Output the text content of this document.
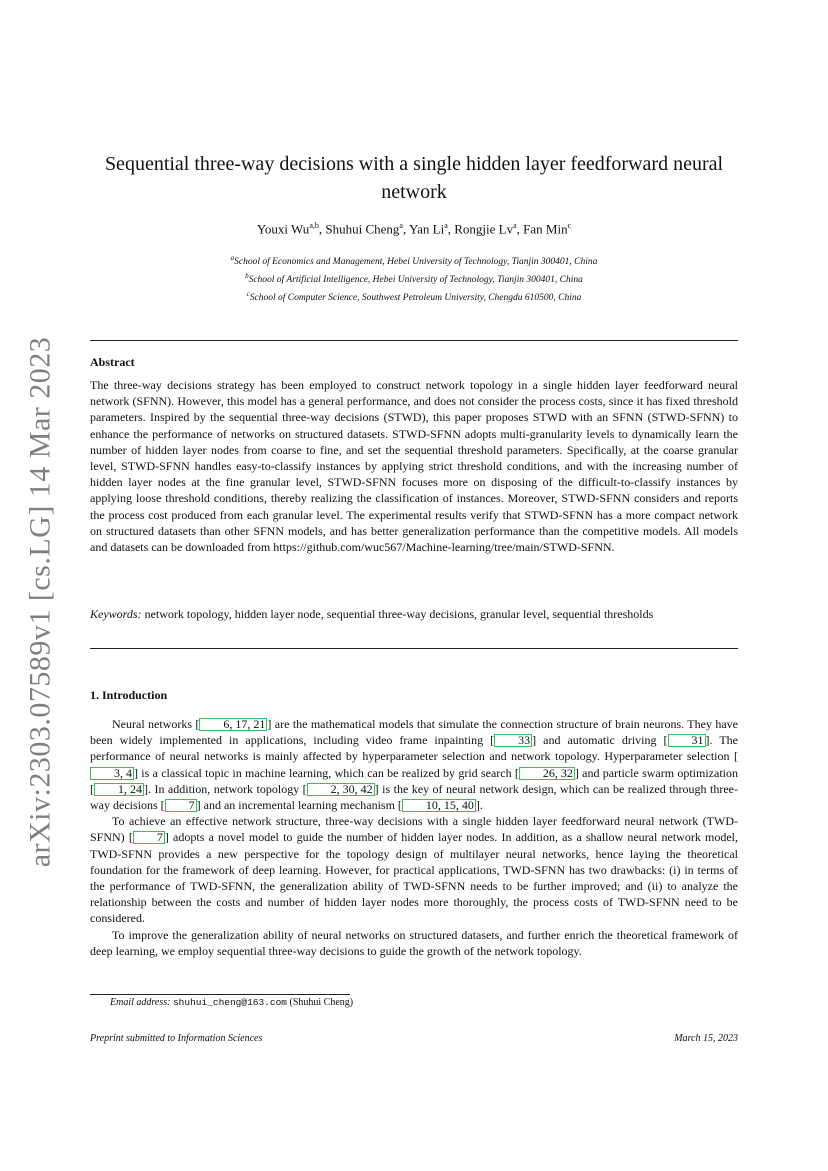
arXiv:2303.07589v1 [cs.LG] 14 Mar 2023
Sequential three-way decisions with a single hidden layer feedforward neural network
Youxi Wu$^{a,b}$, Shuhui Cheng$^a$, Yan Li$^a$, Rongjie Lv$^a$, Fan Min$^c$
$^a$School of Economics and Management, Hebei University of Technology, Tianjin 300401, China
$^b$School of Artificial Intelligence, Hebei University of Technology, Tianjin 300401, China
$^c$School of Computer Science, Southwest Petroleum University, Chengdu 610500, China
Abstract

The three-way decisions strategy has been employed to construct network topology in a single hidden layer feedforward neural network (SFNN). However, this model has a general performance, and does not consider the process costs, since it has fixed threshold parameters. Inspired by the sequential three-way decisions (STWD), this paper proposes STWD with an SFNN (STWD-SFNN) to enhance the performance of networks on structured datasets. STWD-SFNN adopts multi-granularity levels to dynamically learn the number of hidden layer nodes from coarse to fine, and set the sequential threshold parameters. Specifically, at the coarse granular level, STWD-SFNN handles easy-to-classify instances by applying strict threshold conditions, and with the increasing number of hidden layer nodes at the fine granular level, STWD-SFNN focuses more on disposing of the difficult-to-classify instances by applying loose threshold conditions, thereby realizing the classification of instances. Moreover, STWD-SFNN considers and reports the process cost produced from each granular level. The experimental results verify that STWD-SFNN has a more compact network on structured datasets than other SFNN models, and has better generalization performance than the competitive models. All models and datasets can be downloaded from https://github.com/wuc567/Machine-learning/tree/main/STWD-SFNN.

Keywords: network topology, hidden layer node, sequential three-way decisions, granular level, sequential thresholds

1. Introduction

Neural networks [ 6, 17, 21 ] are the mathematical models that simulate the connection structure of brain neurons. They have been widely implemented in applications, including video frame inpainting [ 33 ] and automatic driving [ 31 ]. The performance of neural networks is mainly affected by hyperparameter selection and network topology. Hyperparameter selection [3, 4 ] is a classical topic in machine learning, which can be realized by grid search [ 26, 32 ] and particle swarm optimization [ 1, 24 ]. In addition, network topology [ 2, 30, 42 ] is the key of neural network design, which can be realized through three-way decisions [ 7 ] and an incremental learning mechanism [ 10, 15, 40 ].

To achieve an effective network structure, three-way decisions with a single hidden layer feedforward neural network (TWD-SFNN) [ 7 ] adopts a novel model to guide the number of hidden layer nodes. In addition, as a shallow neural network model, TWD-SFNN provides a new perspective for the topology design of multilayer neural networks, hence laying the theoretical foundation for the framework of deep learning. However, for practical applications, TWD-SFNN has two drawbacks: (i) in terms of the performance of TWD-SFNN, the generalization ability of TWD-SFNN needs to be further improved; and (ii) to analyze the relationship between the costs and number of hidden layer nodes more thoroughly, the process costs of TWD-SFNN need to be considered.

To improve the generalization ability of neural networks on structured datasets, and further enrich the theoretical framework of deep learning, we employ sequential three-way decisions to guide the growth of the network topology.

Email address: shuhui_cheng@163.com (Shuhui Cheng)
Preprint submitted to Information Sciences	March 15, 2023
